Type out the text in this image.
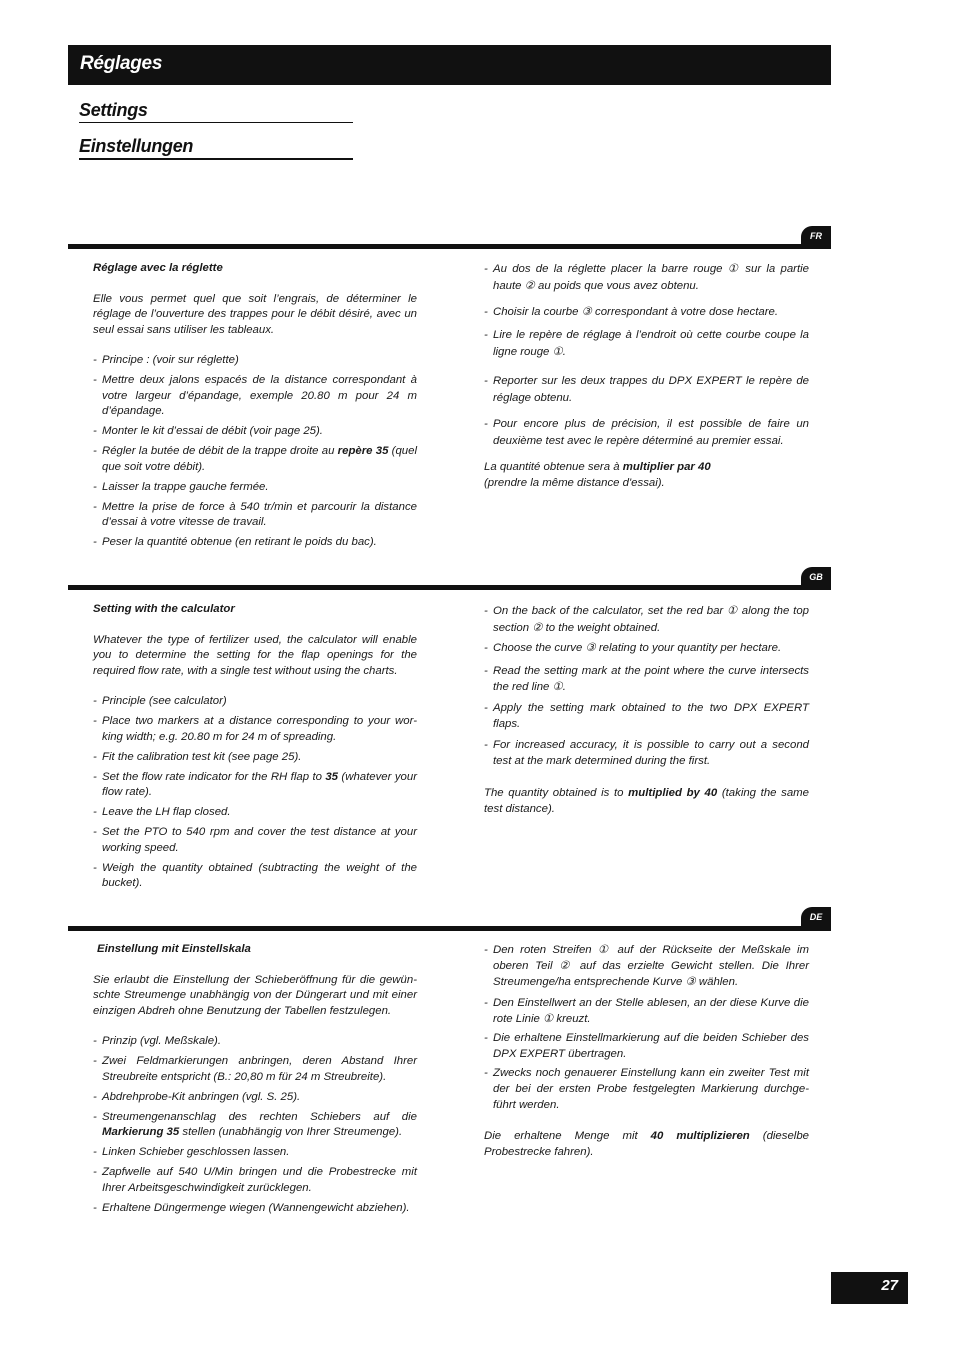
Réglages
Settings
Einstellungen
FR
Réglage avec la réglette
Elle vous permet quel que soit l’engrais, de déterminer le réglage de l’ouverture des trappes pour le débit désiré, avec un seul essai sans utiliser les tableaux.
- Principe : (voir sur réglette)
- Mettre deux jalons espacés de la distance correspondant à votre largeur d’épandage, exemple 20.80 m pour 24 m d’épandage.
- Monter le kit d’essai de débit (voir page 25).
- Régler la butée de débit de la trappe droite au repère 35 (quel que soit votre débit).
- Laisser la trappe gauche fermée.
- Mettre la prise de force à 540 tr/min et parcourir la distance d’essai à votre vitesse de travail.
- Peser la quantité obtenue (en retirant le poids du bac).
- Au dos de la réglette placer la barre rouge ① sur la partie haute ② au poids que vous avez obtenu.
- Choisir la courbe ③ correspondant à votre dose hectare.
- Lire le repère de réglage à l’endroit où cette courbe coupe la ligne rouge ①.
- Reporter sur les deux trappes du DPX EXPERT le repère de réglage obtenu.
- Pour encore plus de précision, il est possible de faire un deuxième test avec le repère déterminé au premier essai.
La quantité obtenue sera à multiplier par 40
(prendre la même distance d'essai).
GB
Setting with the calculator
Whatever the type of fertilizer used, the calculator will enable you to determine the setting for the flap openings for the required flow rate, with a single test without using the charts.
- Principle (see calculator)
- Place two markers at a distance corresponding to your wor-king width; e.g. 20.80 m for 24 m of spreading.
- Fit the calibration test kit (see page 25).
- Set the flow rate indicator for the RH flap to 35 (whatever your flow rate).
- Leave the LH flap closed.
- Set the PTO to 540 rpm and cover the test distance at your working speed.
- Weigh the quantity obtained (subtracting the weight of the bucket).
- On the back of the calculator, set the red bar ① along the top section ② to the weight obtained.
- Choose the curve ③ relating to your quantity per hectare.
- Read the setting mark at the point where the curve intersects the red line ①.
- Apply the setting mark obtained to the two DPX EXPERT flaps.
- For increased accuracy, it is possible to carry out a second test at the mark determined during the first.
The quantity obtained is to multiplied by 40 (taking the same test distance).
DE
Einstellung mit Einstellskala
Sie erlaubt die Einstellung der Schieberöffnung für die gewün-schte Streumenge unabhängig von der Düngerart und mit einer einzigen Abdreh ohne Benutzung der Tabellen festzulegen.
- Prinzip (vgl. Meßskale).
- Zwei Feldmarkierungen anbringen, deren Abstand Ihrer Streubreite entspricht (B.: 20,80 m für 24 m Streubreite).
- Abdrehprobe-Kit anbringen (vgl. S. 25).
- Streumengenanschlag des rechten Schiebers auf die Markierung 35 stellen (unabhängig von Ihrer Streumenge).
- Linken Schieber geschlossen lassen.
- Zapfwelle auf 540 U/Min bringen und die Probestrecke mit Ihrer Arbeitsgeschwindigkeit zurücklegen.
- Erhaltene Düngermenge wiegen (Wannengewicht abziehen).
- Den roten Streifen ① auf der Rückseite der Meßskale im oberen Teil ② auf das erzielte Gewicht stellen. Die Ihrer Streumenge/ha entsprechende Kurve ③ wählen.
- Den Einstellwert an der Stelle ablesen, an der diese Kurve die rote Linie ① kreuzt.
- Die erhaltene Einstellmarkierung auf die beiden Schieber des DPX EXPERT übertragen.
- Zwecks noch genauerer Einstellung kann ein zweiter Test mit der bei der ersten Probe festgelegten Markierung durchge-führt werden.
Die erhaltene Menge mit 40 multiplizieren (dieselbe Probestrecke fahren).
27
